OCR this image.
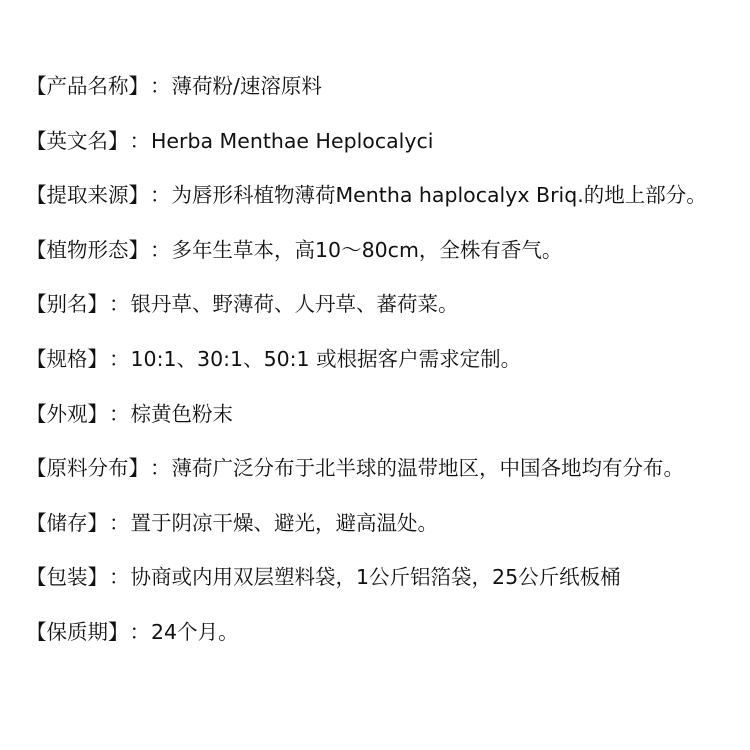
【产品名称】 ： 薄荷粉/速溶原料
【英文名】 ： Herba Menthae Heplocalyci
【提取来源】 ： 为唇形科植物薄荷Mentha haplocalyx Briq.的地上部分。
【植物形态】 ： 多年生草本，高10～80cm，全株有香气。
【别名】 ： 银丹草、野薄荷、人丹草、蕃荷菜。
【规格】 ： 10:1、30:1、50:1 或根据客户需求定制。
【外观】 ： 棕黄色粉末
【原料分布】 ： 薄荷广泛分布于北半球的温带地区，中国各地均有分布。
【储存】 ： 置于阴凉干燥、避光，避高温处。
【包装】 ： 协商或内用双层塑料袋，1公斤铝箔袋，25公斤纸板桶
【保质期】 ： 24个月。
